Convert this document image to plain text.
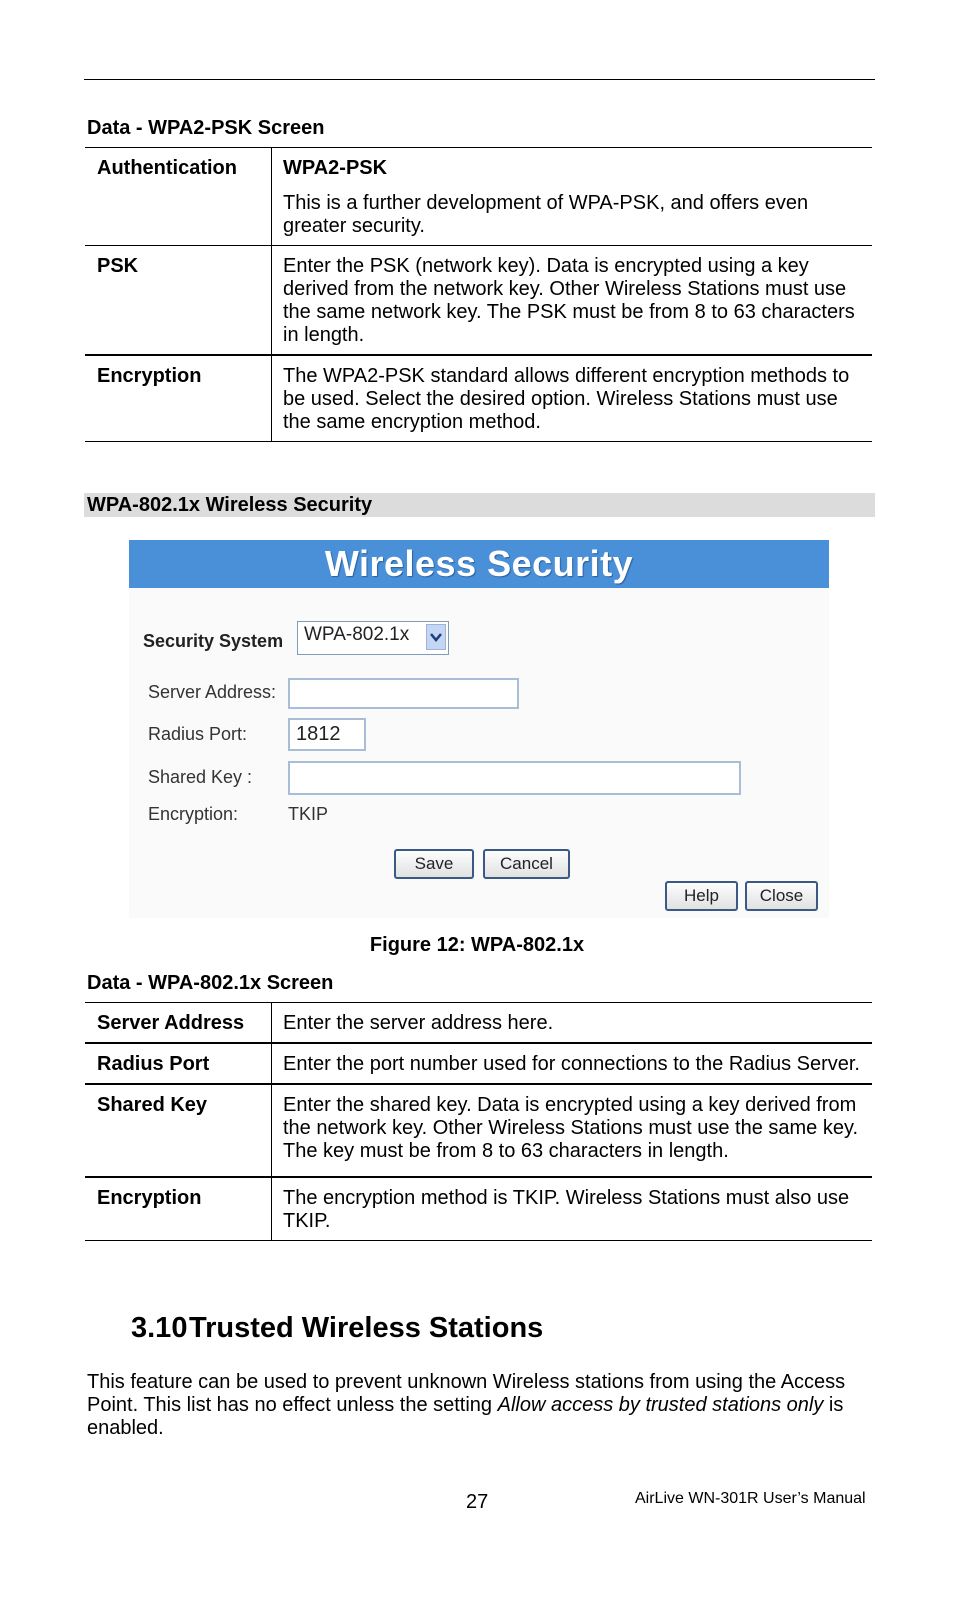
Data - WPA2-PSK Screen
Authentication	WPA2-PSK
This is a further development of WPA-PSK, and offers even greater security.

PSK	Enter the PSK (network key). Data is encrypted using a key derived from the network key. Other Wireless Stations must use the same network key. The PSK must be from 8 to 63 characters in length.
Encryption	The WPA2-PSK standard allows different encryption methods to be used. Select the desired option. Wireless Stations must use the same encryption method.
WPA-802.1x Wireless Security
Wireless Security
Security System WPA-802.1x
Server Address:
Radius Port:	1812
Shared Key :
Encryption:	TKIP
Save	Cancel
Help	Close
Figure 12: WPA-802.1x
Data - WPA-802.1x Screen
Server Address	Enter the server address here.
Radius Port	Enter the port number used for connections to the Radius Server.
Shared Key	Enter the shared key. Data is encrypted using a key derived from the network key. Other Wireless Stations must use the same key. The key must be from 8 to 63 characters in length.
Encryption	The encryption method is TKIP. Wireless Stations must also use TKIP.
3.10Trusted Wireless Stations
This feature can be used to prevent unknown Wireless stations from using the Access Point. This list has no effect unless the setting Allow access by trusted stations only is enabled.
27	AirLive WN-301R User’s Manual
